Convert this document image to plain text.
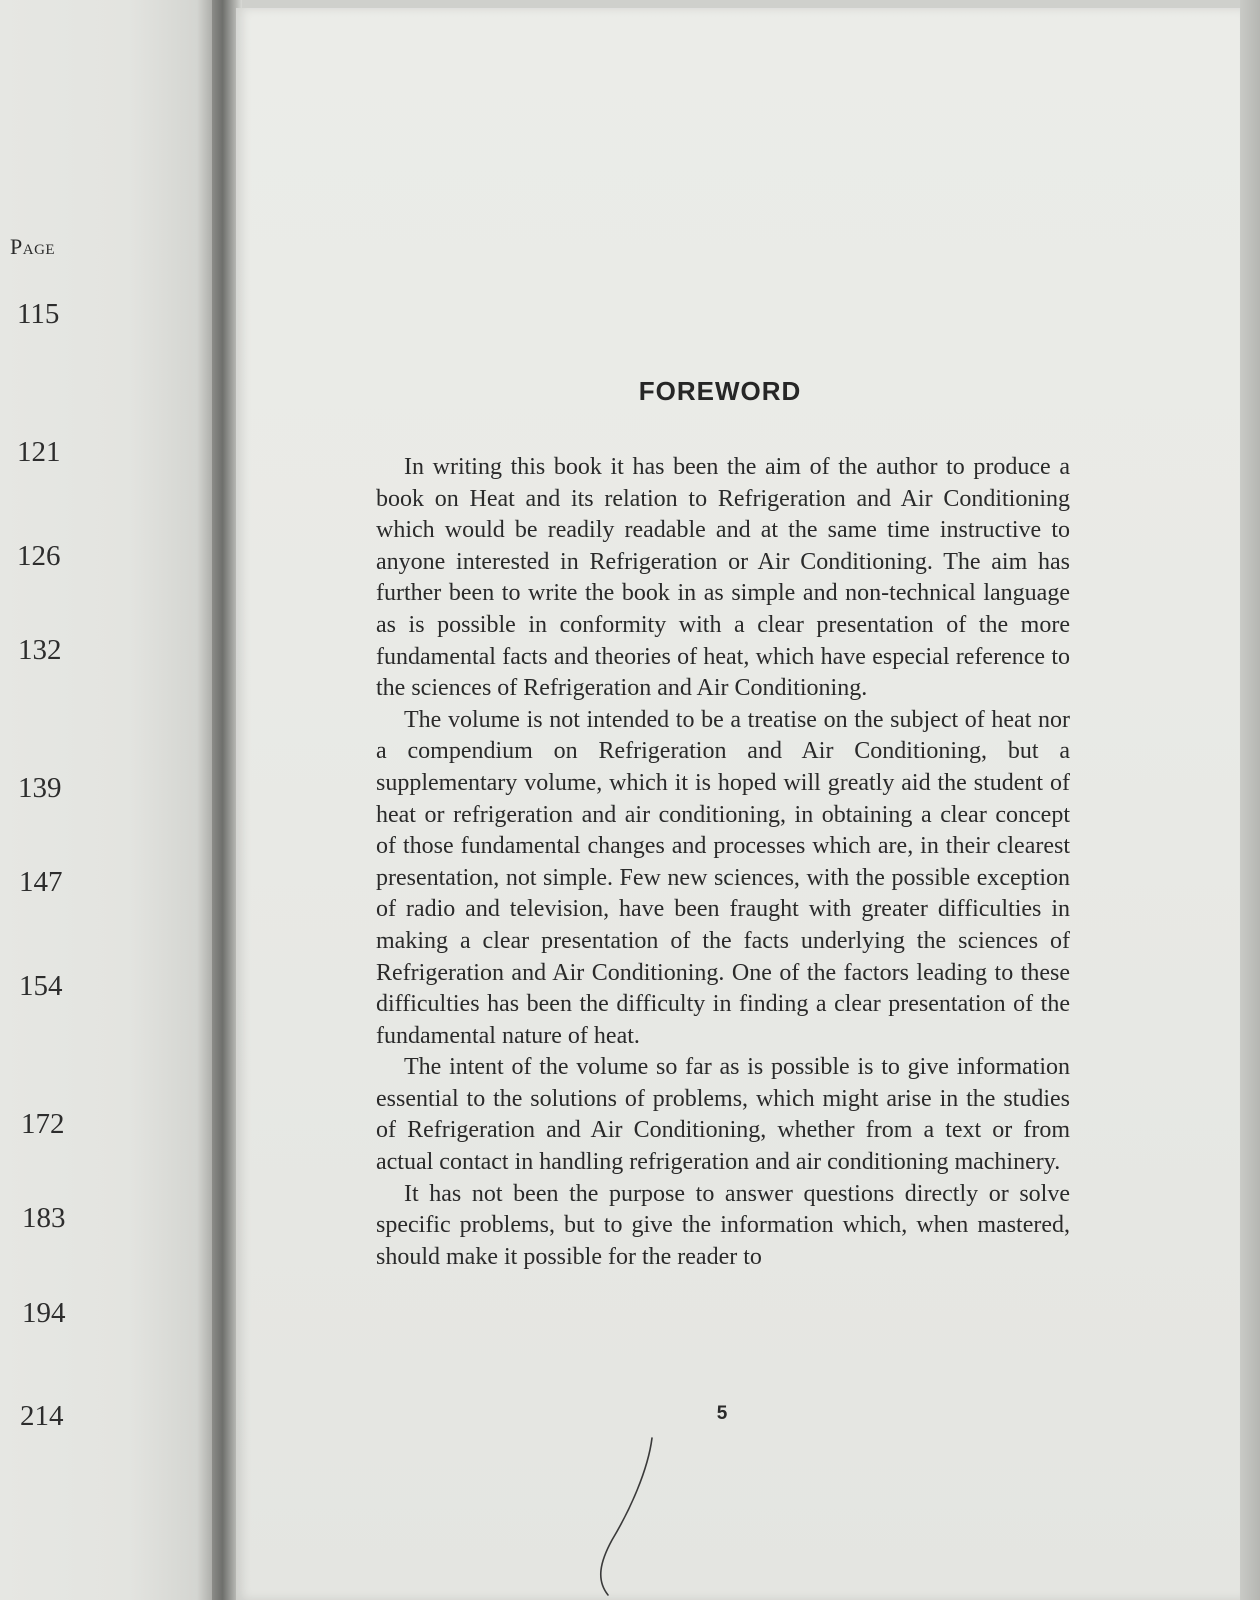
Page
115
121
126
132
139
147
154
172
183
194
214
FOREWORD

In writing this book it has been the aim of the author to produce a book on Heat and its relation to Refrigeration and Air Conditioning which would be readily readable and at the same time instructive to anyone interested in Refrigeration or Air Conditioning. The aim has further been to write the book in as simple and non-technical language as is possible in conformity with a clear presentation of the more fundamental facts and theories of heat, which have especial reference to the sciences of Refrigeration and Air Conditioning.

The volume is not intended to be a treatise on the subject of heat nor a compendium on Refrigeration and Air Conditioning, but a supplementary volume, which it is hoped will greatly aid the student of heat or refrigeration and air conditioning, in obtaining a clear concept of those fundamental changes and processes which are, in their clearest presentation, not simple. Few new sciences, with the possible exception of radio and television, have been fraught with greater difficulties in making a clear presentation of the facts underlying the sciences of Refrigeration and Air Conditioning. One of the factors leading to these difficulties has been the difficulty in finding a clear presentation of the fundamental nature of heat.

The intent of the volume so far as is possible is to give information essential to the solutions of problems, which might arise in the studies of Refrigeration and Air Conditioning, whether from a text or from actual contact in handling refrigeration and air conditioning machinery.

It has not been the purpose to answer questions directly or solve specific problems, but to give the information which, when mastered, should make it possible for the reader to

5
